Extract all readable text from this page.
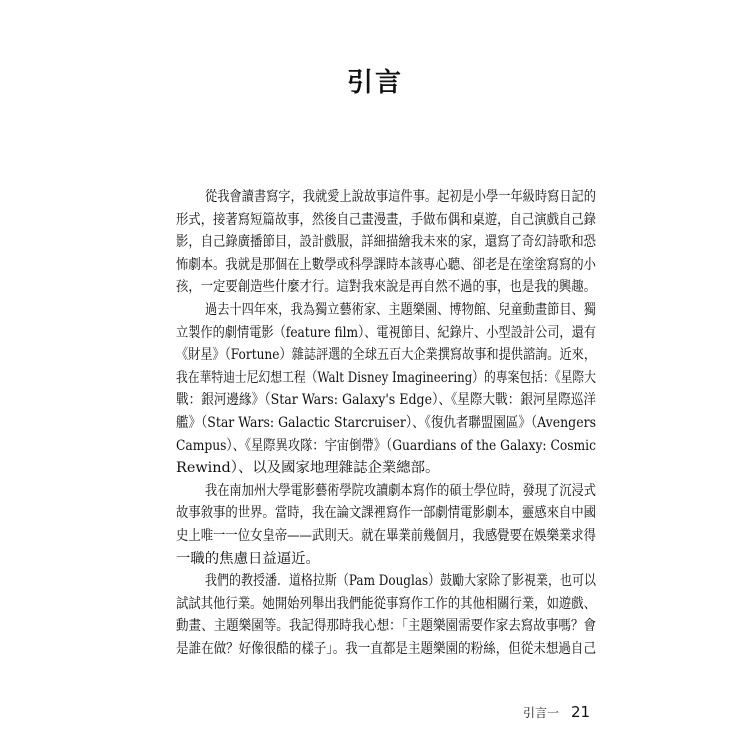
引言
從我會讀書寫字，我就愛上說故事這件事。起初是小學一年級時寫日記的
形式，接著寫短篇故事，然後自己畫漫畫，手做布偶和桌遊，自己演戲自己錄
影，自己錄廣播節目，設計戲服，詳細描繪我未來的家，還寫了奇幻詩歌和恐
怖劇本。我就是那個在上數學或科學課時本該專心聽、卻老是在塗塗寫寫的小
孩，一定要創造些什麼才行。這對我來說是再自然不過的事，也是我的興趣。
過去十四年來，我為獨立藝術家、主題樂園、博物館、兒童動畫節目、獨
立製作的劇情電影（feature film）、電視節目、紀錄片、小型設計公司，還有
《財星》（Fortune）雜誌評選的全球五百大企業撰寫故事和提供諮詢。近來，
我在華特迪士尼幻想工程（Walt Disney Imagineering）的專案包括：《星際大
戰：銀河邊緣》（Star Wars: Galaxy's Edge）、《星際大戰：銀河星際巡洋
艦》（Star Wars: Galactic Starcruiser）、《復仇者聯盟園區》（Avengers
Campus）、《星際異攻隊：宇宙倒帶》（Guardians of the Galaxy: Cosmic
Rewind）、以及國家地理雜誌企業總部。
我在南加州大學電影藝術學院攻讀劇本寫作的碩士學位時，發現了沉浸式
故事敘事的世界。當時，我在論文課裡寫作一部劇情電影劇本，靈感來自中國
史上唯一一位女皇帝——武則天。就在畢業前幾個月，我感覺要在娛樂業求得
一職的焦慮日益逼近。
我們的教授潘．道格拉斯（Pam Douglas）鼓勵大家除了影視業，也可以
試試其他行業。她開始列舉出我們能從事寫作工作的其他相關行業，如遊戲、
動畫、主題樂園等。我記得那時我心想：「主題樂園需要作家去寫故事嗎？會
是誰在做？好像很酷的樣子」。我一直都是主題樂園的粉絲，但從未想過自己
引言一 21
